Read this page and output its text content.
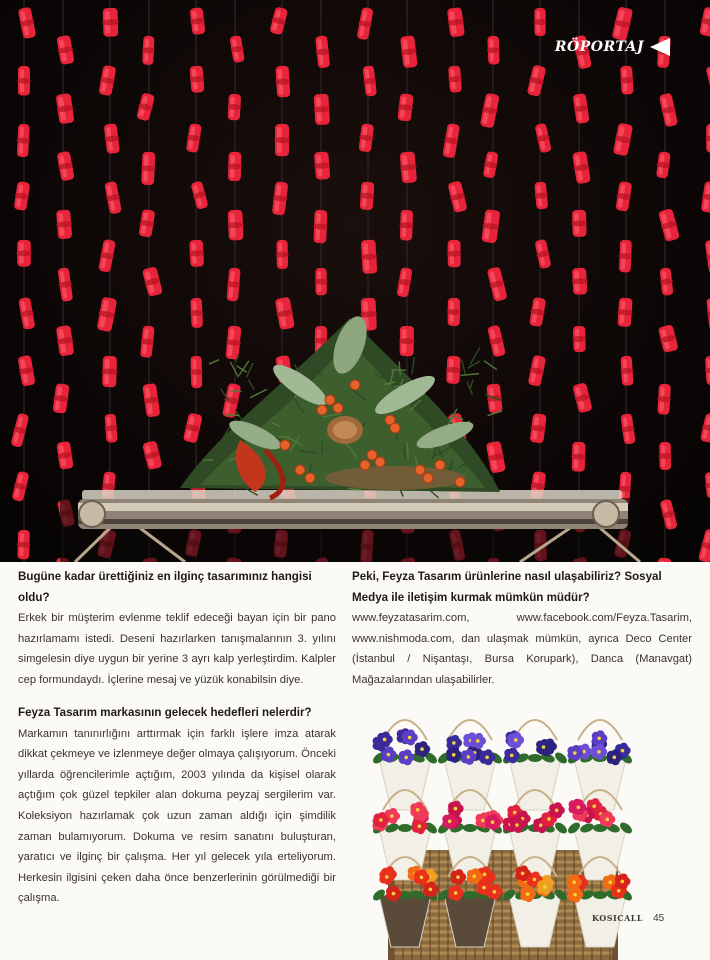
RÖPORTAJ
Bugüne kadar ürettiğiniz en ilginç tasarımınız hangisi oldu?

Erkek bir müşterim evlenme teklif edeceği bayan için bir pano hazırlamamı istedi. Deseni hazırlarken tanışmalarının 3. yılını simgelesin diye uygun bir yerine 3 ayrı kalp yerleştirdim. Kalpler cep formundaydı. İçlerine mesaj ve yüzük konabilsin diye.

Feyza Tasarım markasının gelecek hedefleri nelerdir?

Markamın tanınırlığını arttırmak için farklı işlere imza atarak dikkat çekmeye ve izlenmeye değer olmaya çalışıyorum. Önceki yıllarda öğrencilerimle açtığım, 2003 yılında da kişisel olarak açtığım çok güzel tepkiler alan dokuma peyzaj sergilerim var. Koleksiyon hazırlamak çok uzun zaman aldığı için şimdilik zaman bulamıyorum. Dokuma ve resim sanatını buluşturan, yaratıcı ve ilginç bir çalışma. Her yıl gelecek yıla erteliyorum. Herkesin ilgisini çeken daha önce benzerlerinin görülmediği bir çalışma.

Peki, Feyza Tasarım ürünlerine nasıl ulaşabiliriz? Sosyal Medya ile iletişim kurmak mümkün müdür?

www.feyzatasarim.com, www.facebook.com/Feyza.Tasarim, www.nishmoda.com, dan ulaşmak mümkün, ayrıca Deco Center (İstanbul / Nişantaşı, Bursa Korupark), Danca (Manavgat) Mağazalarından ulaşabilirler.

KOSICALL 45
